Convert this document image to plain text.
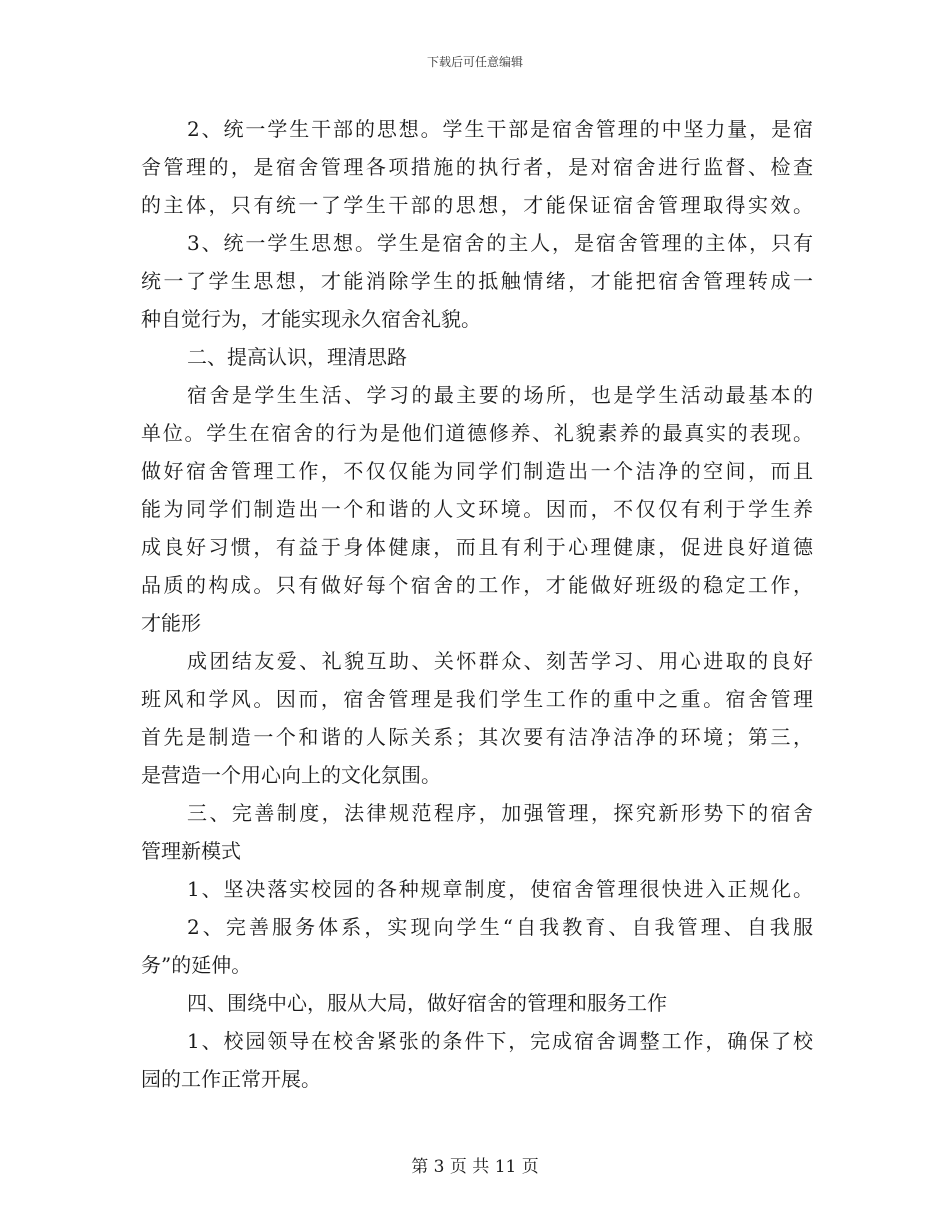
下载后可任意编辑
2、统一学生干部的思想。学生干部是宿舍管理的中坚力量，是宿
舍管理的，是宿舍管理各项措施的执行者，是对宿舍进行监督、检查
的主体，只有统一了学生干部的思想，才能保证宿舍管理取得实效。
3、统一学生思想。学生是宿舍的主人，是宿舍管理的主体，只有
统一了学生思想，才能消除学生的抵触情绪，才能把宿舍管理转成一
种自觉行为，才能实现永久宿舍礼貌。
二、提高认识，理清思路
宿舍是学生生活、学习的最主要的场所，也是学生活动最基本的
单位。学生在宿舍的行为是他们道德修养、礼貌素养的最真实的表现。
做好宿舍管理工作，不仅仅能为同学们制造出一个洁净的空间，而且
能为同学们制造出一个和谐的人文环境。因而，不仅仅有利于学生养
成良好习惯，有益于身体健康，而且有利于心理健康，促进良好道德
品质的构成。只有做好每个宿舍的工作，才能做好班级的稳定工作，
才能形
成团结友爱、礼貌互助、关怀群众、刻苦学习、用心进取的良好
班风和学风。因而，宿舍管理是我们学生工作的重中之重。宿舍管理
首先是制造一个和谐的人际关系；其次要有洁净洁净的环境；第三，
是营造一个用心向上的文化氛围。
三、完善制度，法律规范程序，加强管理，探究新形势下的宿舍
管理新模式
1、坚决落实校园的各种规章制度，使宿舍管理很快进入正规化。
2、完善服务体系，实现向学生“自我教育、自我管理、自我服
务”的延伸。
四、围绕中心，服从大局，做好宿舍的管理和服务工作
1、校园领导在校舍紧张的条件下，完成宿舍调整工作，确保了校
园的工作正常开展。
第 3 页 共 11 页
